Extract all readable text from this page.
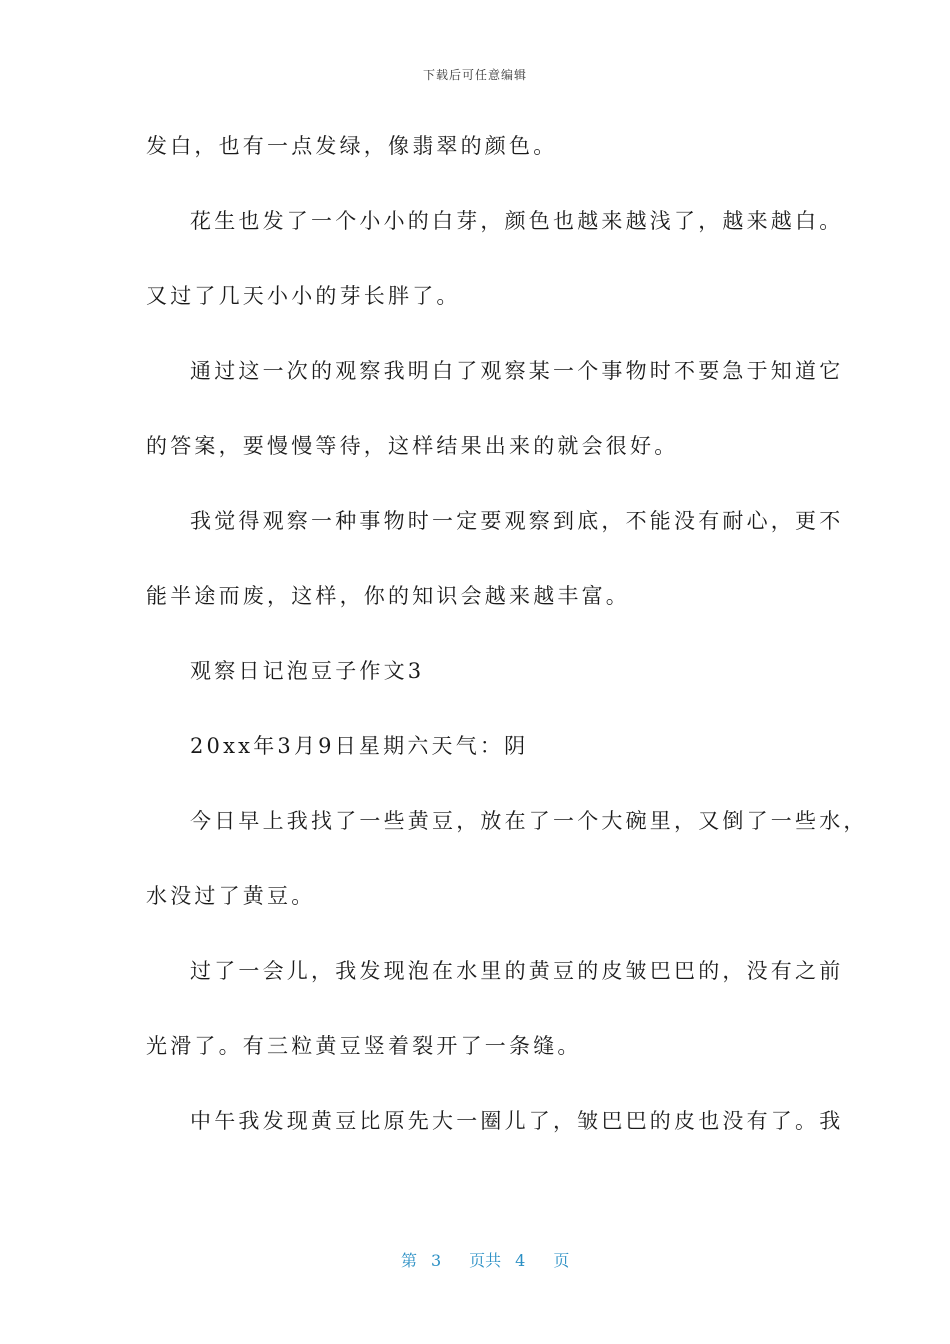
下载后可任意编辑
发白，也有一点发绿，像翡翠的颜色。
花生也发了一个小小的白芽，颜色也越来越浅了，越来越白。
又过了几天小小的芽长胖了。
通过这一次的观察我明白了观察某一个事物时不要急于知道它
的答案，要慢慢等待，这样结果出来的就会很好。
我觉得观察一种事物时一定要观察到底，不能没有耐心，更不
能半途而废，这样，你的知识会越来越丰富。
观察日记泡豆子作文3
20xx年3月9日星期六天气：阴
今日早上我找了一些黄豆，放在了一个大碗里，又倒了一些水，
水没过了黄豆。
过了一会儿，我发现泡在水里的黄豆的皮皱巴巴的，没有之前
光滑了。有三粒黄豆竖着裂开了一条缝。
中午我发现黄豆比原先大一圈儿了，皱巴巴的皮也没有了。我

第 3 页共 4 页
